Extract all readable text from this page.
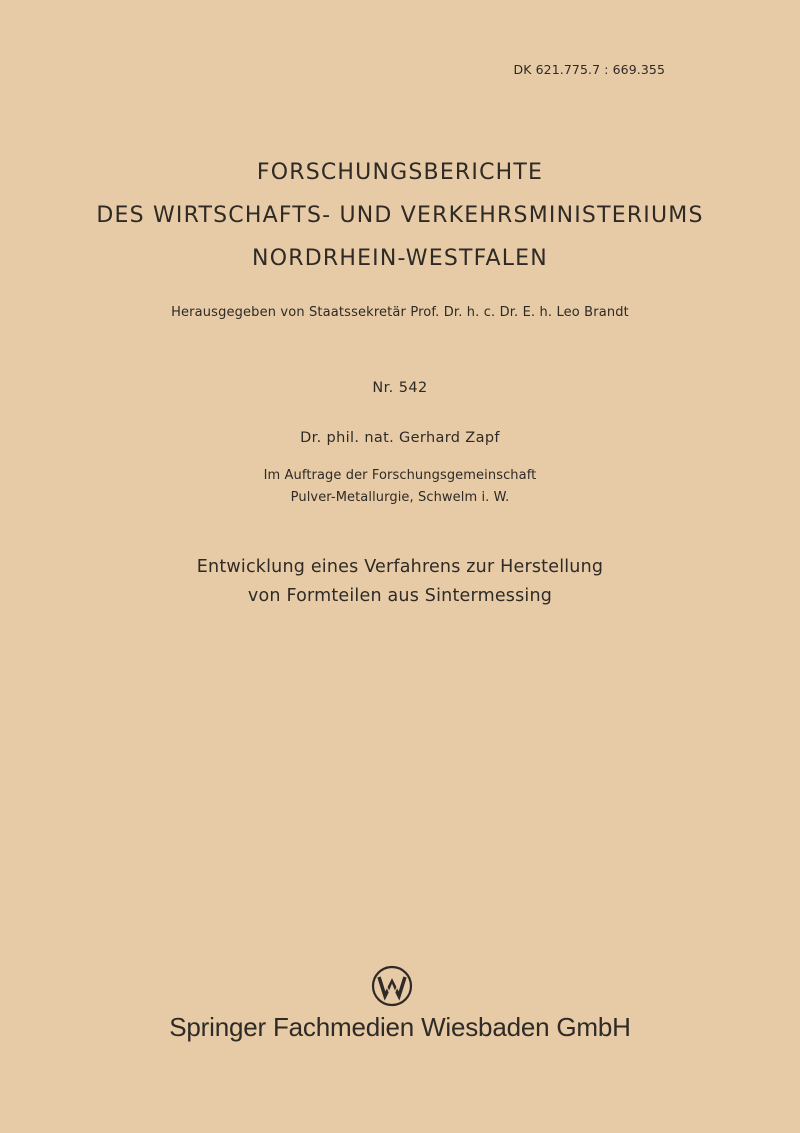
DK 621.775.7 : 669.355
FORSCHUNGSBERICHTE
DES WIRTSCHAFTS- UND VERKEHRSMINISTERIUMS
NORDRHEIN-WESTFALEN
Herausgegeben von Staatssekretär Prof. Dr. h. c. Dr. E. h. Leo Brandt
Nr. 542
Dr. phil. nat. Gerhard Zapf
Im Auftrage der Forschungsgemeinschaft
Pulver-Metallurgie, Schwelm i. W.
Entwicklung eines Verfahrens zur Herstellung
von Formteilen aus Sintermessing
Springer Fachmedien Wiesbaden GmbH
